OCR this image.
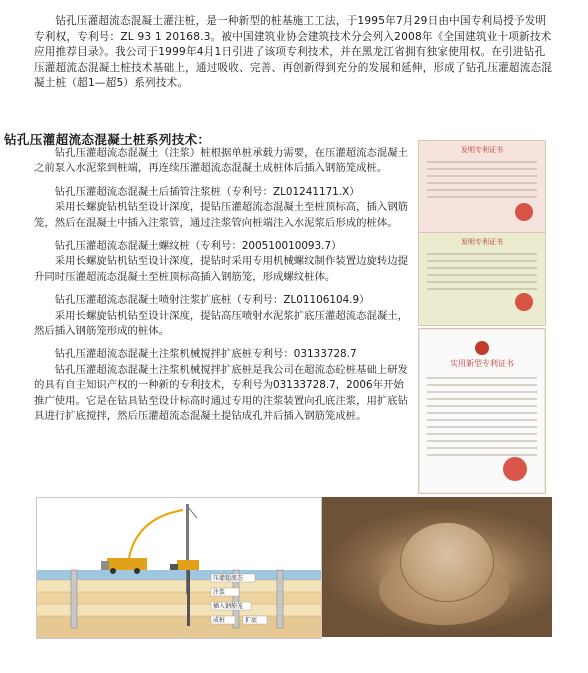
钻孔压灌超流态混凝土灌注桩，是一种新型的桩基施工工法，于1995年7月29日由中国专利局授予发明专利权，专利号：ZL 93 1 20168.3。被中国建筑业协会建筑技术分会列入2008年《全国建筑业十项新技术应用推荐目录》。我公司于1999年4月1日引进了该项专利技术，并在黑龙江省拥有独家使用权。在引进钻孔压灌超流态混凝土桩技术基础上，通过吸收、完善、再创新得到充分的发展和延伸，形成了钻孔压灌超流态混凝土桩（超1—超5）系列技术。

钻孔压灌超流态混凝土桩系列技术：

钻孔压灌超流态混凝土（注浆）桩根据单桩承载力需要，在压灌超流态混凝土之前泵入水泥浆到桩端，再连续压灌超流态混凝土成桩体后插入钢筋笼成桩。

钻孔压灌超流态混凝土后插管注浆桩（专利号：ZL01241171.X）

采用长螺旋钻机钻至设计深度，提钻压灌超流态混凝土至桩顶标高，插入钢筋笼，然后在混凝土中插入注浆管，通过注浆管向桩端注入水泥浆后形成的桩体。

钻孔压灌超流态混凝土螺纹桩（专利号：200510010093.7）

采用长螺旋钻机钻至设计深度，提钻时采用专用机械螺纹制作装置边旋转边提升同时压灌超流态混凝土至桩顶标高插入钢筋笼，形成螺纹桩体。

钻孔压灌超流态混凝土喷射注浆扩底桩（专利号：ZL01106104.9）

采用长螺旋钻机钻至设计深度，提钻高压喷射水泥浆扩底压灌超流态混凝土，然后插入钢筋笼形成的桩体。

钻孔压灌超流态混凝土注浆机械搅拌扩底桩专利号：03133728.7

钻孔压灌超流态混凝土注浆机械搅拌扩底桩是我公司在超流态砼桩基础上研发的具有自主知识产权的一种新的专利技术，专利号为03133728.7，2006年开始推广使用。它是在钻具钻至设计标高时通过专用的注浆装置向孔底注浆，用扩底钻具进行扩底搅拌，然后压灌超流态混凝土提钻成孔并后插入钢筋笼成桩。

发明专利证书
发明专利证书
实用新型专利证书
压灌超流态
注浆
插入钢筋笼
成桩	扩底
